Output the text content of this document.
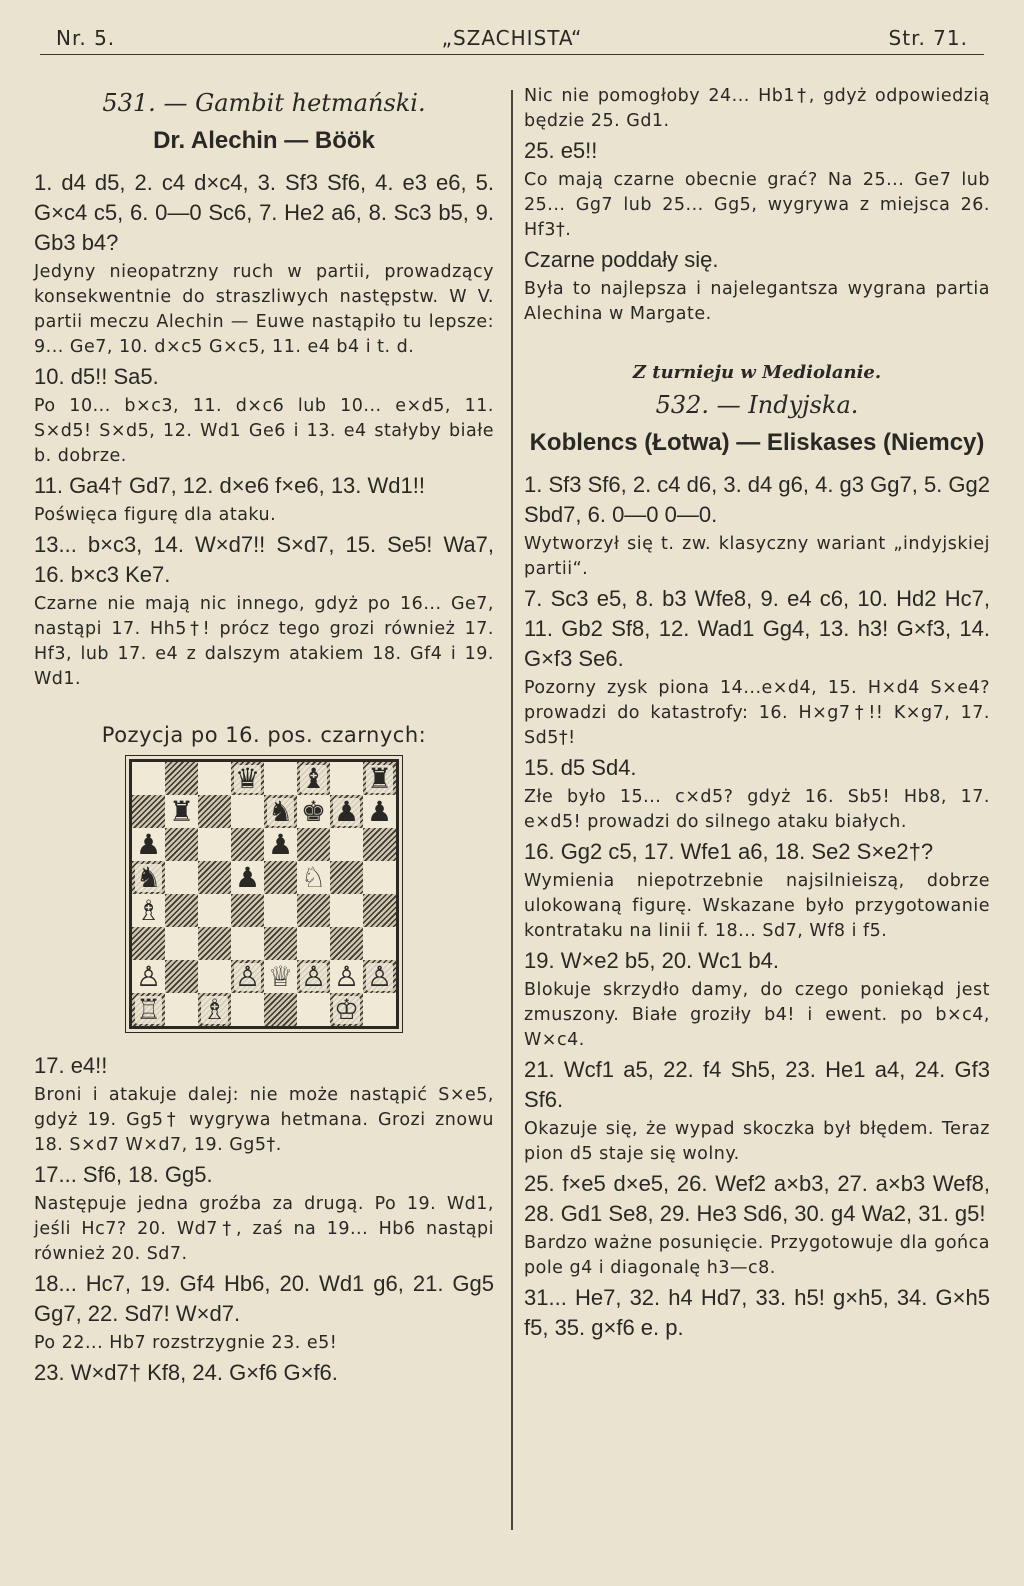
Nr. 5.	„SZACHISTA“	Str. 71.

531. — Gambit hetmański.

Dr. Alechin — Böök

1. d4 d5, 2. c4 d×c4, 3. Sf3 Sf6, 4. e3 e6, 5. G×c4 c5, 6. 0—0 Sc6, 7. He2 a6, 8. Sc3 b5, 9. Gb3 b4?

Jedyny nieopatrzny ruch w partii, prowadzący konsekwentnie do straszliwych następstw. W V. partii meczu Alechin — Euwe nastąpiło tu lepsze: 9... Ge7, 10. d×c5 G×c5, 11. e4 b4 i t. d.

10. d5!! Sa5.

Po 10... b×c3, 11. d×c6 lub 10... e×d5, 11. S×d5! S×d5, 12. Wd1 Ge6 i 13. e4 stałyby białe b. dobrze.

11. Ga4† Gd7, 12. d×e6 f×e6, 13. Wd1!!

Poświęca figurę dla ataku.

13... b×c3, 14. W×d7!! S×d7, 15. Se5! Wa7, 16. b×c3 Ke7.

Czarne nie mają nic innego, gdyż po 16... Ge7, nastąpi 17. Hh5†! prócz tego grozi również 17. Hf3, lub 17. e4 z dalszym atakiem 18. Gf4 i 19. Wd1.

Pozycja po 16. pos. czarnych:

♛ ♝ ♜
♜	♞ ♚ ♟ ♟
♟	♟
♞	♟ ♘
♗
♙	♙ ♕ ♙ ♙ ♙
♖ ♗	♔

17. e4!!

Broni i atakuje dalej: nie może nastąpić S×e5, gdyż 19. Gg5† wygrywa hetmana. Grozi znowu 18. S×d7 W×d7, 19. Gg5†.

17... Sf6, 18. Gg5.

Następuje jedna groźba za drugą. Po 19. Wd1, jeśli Hc7? 20. Wd7†, zaś na 19... Hb6 nastąpi również 20. Sd7.

18... Hc7, 19. Gf4 Hb6, 20. Wd1 g6, 21. Gg5 Gg7, 22. Sd7! W×d7.

Po 22... Hb7 rozstrzygnie 23. e5!

23. W×d7† Kf8, 24. G×f6 G×f6.

Nic nie pomogłoby 24... Hb1†, gdyż odpowiedzią będzie 25. Gd1.

25. e5!!

Co mają czarne obecnie grać? Na 25... Ge7 lub 25... Gg7 lub 25... Gg5, wygrywa z miejsca 26. Hf3†.

Czarne poddały się.

Była to najlepsza i najelegantsza wygrana partia Alechina w Margate.

Z turnieju w Mediolanie.

532. — Indyjska.

Koblencs (Łotwa) — Eliskases (Niemcy)

1. Sf3 Sf6, 2. c4 d6, 3. d4 g6, 4. g3 Gg7, 5. Gg2 Sbd7, 6. 0—0 0—0.

Wytworzył się t. zw. klasyczny wariant „indyjskiej partii“.

7. Sc3 e5, 8. b3 Wfe8, 9. e4 c6, 10. Hd2 Hc7, 11. Gb2 Sf8, 12. Wad1 Gg4, 13. h3! G×f3, 14. G×f3 Se6.

Pozorny zysk piona 14...e×d4, 15. H×d4 S×e4? prowadzi do katastrofy: 16. H×g7†!! K×g7, 17. Sd5†!

15. d5 Sd4.

Złe było 15... c×d5? gdyż 16. Sb5! Hb8, 17. e×d5! prowadzi do silnego ataku białych.

16. Gg2 c5, 17. Wfe1 a6, 18. Se2 S×e2†?

Wymienia niepotrzebnie najsilnieiszą, dobrze ulokowaną figurę. Wskazane było przygotowanie kontrataku na linii f. 18... Sd7, Wf8 i f5.

19. W×e2 b5, 20. Wc1 b4.

Blokuje skrzydło damy, do czego poniekąd jest zmuszony. Białe groziły b4! i ewent. po b×c4, W×c4.

21. Wcf1 a5, 22. f4 Sh5, 23. He1 a4, 24. Gf3 Sf6.

Okazuje się, że wypad skoczka był błędem. Teraz pion d5 staje się wolny.

25. f×e5 d×e5, 26. Wef2 a×b3, 27. a×b3 Wef8, 28. Gd1 Se8, 29. He3 Sd6, 30. g4 Wa2, 31. g5!

Bardzo ważne posunięcie. Przygotowuje dla gońca pole g4 i diagonalę h3—c8.

31... He7, 32. h4 Hd7, 33. h5! g×h5, 34. G×h5 f5, 35. g×f6 e. p.
